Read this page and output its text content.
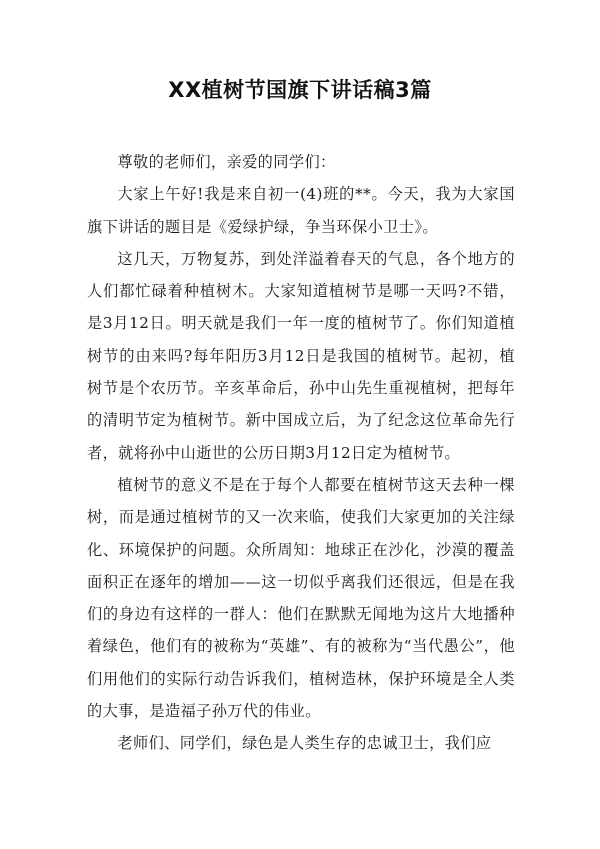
XX植树节国旗下讲话稿3篇

尊敬的老师们，亲爱的同学们：

大家上午好!我是来自初一(4)班的**。今天，我为大家国旗下讲话的题目是《爱绿护绿，争当环保小卫士》。

这几天，万物复苏，到处洋溢着春天的气息，各个地方的人们都忙碌着种植树木。大家知道植树节是哪一天吗?不错，是3月12日。明天就是我们一年一度的植树节了。你们知道植树节的由来吗?每年阳历3月12日是我国的植树节。起初，植树节是个农历节。辛亥革命后，孙中山先生重视植树，把每年的清明节定为植树节。新中国成立后，为了纪念这位革命先行者，就将孙中山逝世的公历日期3月12日定为植树节。

植树节的意义不是在于每个人都要在植树节这天去种一棵树，而是通过植树节的又一次来临，使我们大家更加的关注绿化、环境保护的问题。众所周知：地球正在沙化，沙漠的覆盖面积正在逐年的增加——这一切似乎离我们还很远，但是在我们的身边有这样的一群人：他们在默默无闻地为这片大地播种着绿色，他们有的被称为“英雄”、有的被称为“当代愚公”，他们用他们的实际行动告诉我们，植树造林，保护环境是全人类的大事，是造福子孙万代的伟业。

老师们、同学们，绿色是人类生存的忠诚卫士，我们应
